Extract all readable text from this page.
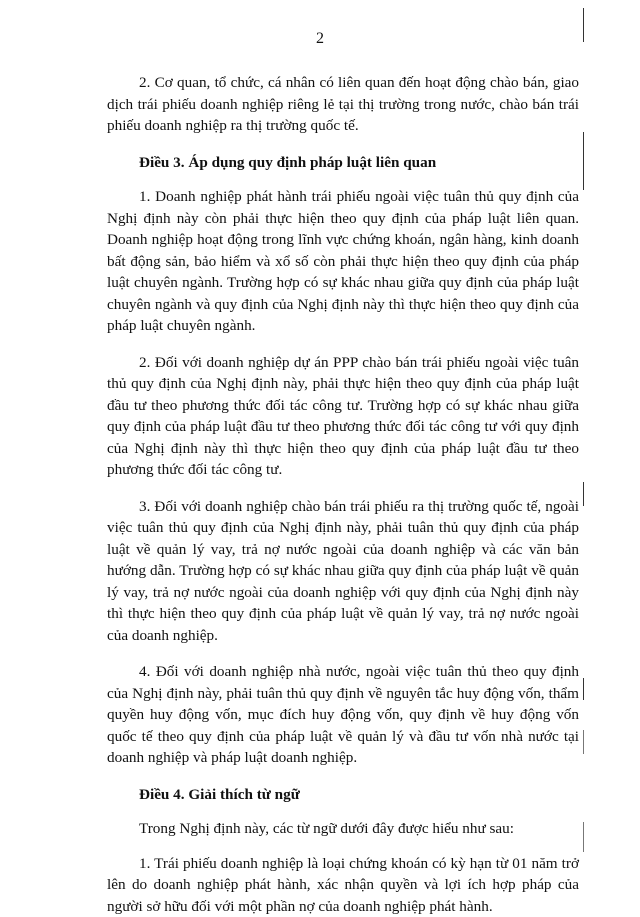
2

2. Cơ quan, tổ chức, cá nhân có liên quan đến hoạt động chào bán, giao dịch trái phiếu doanh nghiệp riêng lẻ tại thị trường trong nước, chào bán trái phiếu doanh nghiệp ra thị trường quốc tế.

Điều 3. Áp dụng quy định pháp luật liên quan

1. Doanh nghiệp phát hành trái phiếu ngoài việc tuân thủ quy định của Nghị định này còn phải thực hiện theo quy định của pháp luật liên quan. Doanh nghiệp hoạt động trong lĩnh vực chứng khoán, ngân hàng, kinh doanh bất động sản, bảo hiểm và xổ số còn phải thực hiện theo quy định của pháp luật chuyên ngành. Trường hợp có sự khác nhau giữa quy định của pháp luật chuyên ngành và quy định của Nghị định này thì thực hiện theo quy định của pháp luật chuyên ngành.

2. Đối với doanh nghiệp dự án PPP chào bán trái phiếu ngoài việc tuân thủ quy định của Nghị định này, phải thực hiện theo quy định của pháp luật đầu tư theo phương thức đối tác công tư. Trường hợp có sự khác nhau giữa quy định của pháp luật đầu tư theo phương thức đối tác công tư với quy định của Nghị định này thì thực hiện theo quy định của pháp luật đầu tư theo phương thức đối tác công tư.

3. Đối với doanh nghiệp chào bán trái phiếu ra thị trường quốc tế, ngoài việc tuân thủ quy định của Nghị định này, phải tuân thủ quy định của pháp luật về quản lý vay, trả nợ nước ngoài của doanh nghiệp và các văn bản hướng dẫn. Trường hợp có sự khác nhau giữa quy định của pháp luật về quản lý vay, trả nợ nước ngoài của doanh nghiệp với quy định của Nghị định này thì thực hiện theo quy định của pháp luật về quản lý vay, trả nợ nước ngoài của doanh nghiệp.

4. Đối với doanh nghiệp nhà nước, ngoài việc tuân thủ theo quy định của Nghị định này, phải tuân thủ quy định về nguyên tắc huy động vốn, thẩm quyền huy động vốn, mục đích huy động vốn, quy định về huy động vốn quốc tế theo quy định của pháp luật về quản lý và đầu tư vốn nhà nước tại doanh nghiệp và pháp luật doanh nghiệp.

Điều 4. Giải thích từ ngữ

Trong Nghị định này, các từ ngữ dưới đây được hiểu như sau:

1. Trái phiếu doanh nghiệp là loại chứng khoán có kỳ hạn từ 01 năm trở lên do doanh nghiệp phát hành, xác nhận quyền và lợi ích hợp pháp của người sở hữu đối với một phần nợ của doanh nghiệp phát hành.
